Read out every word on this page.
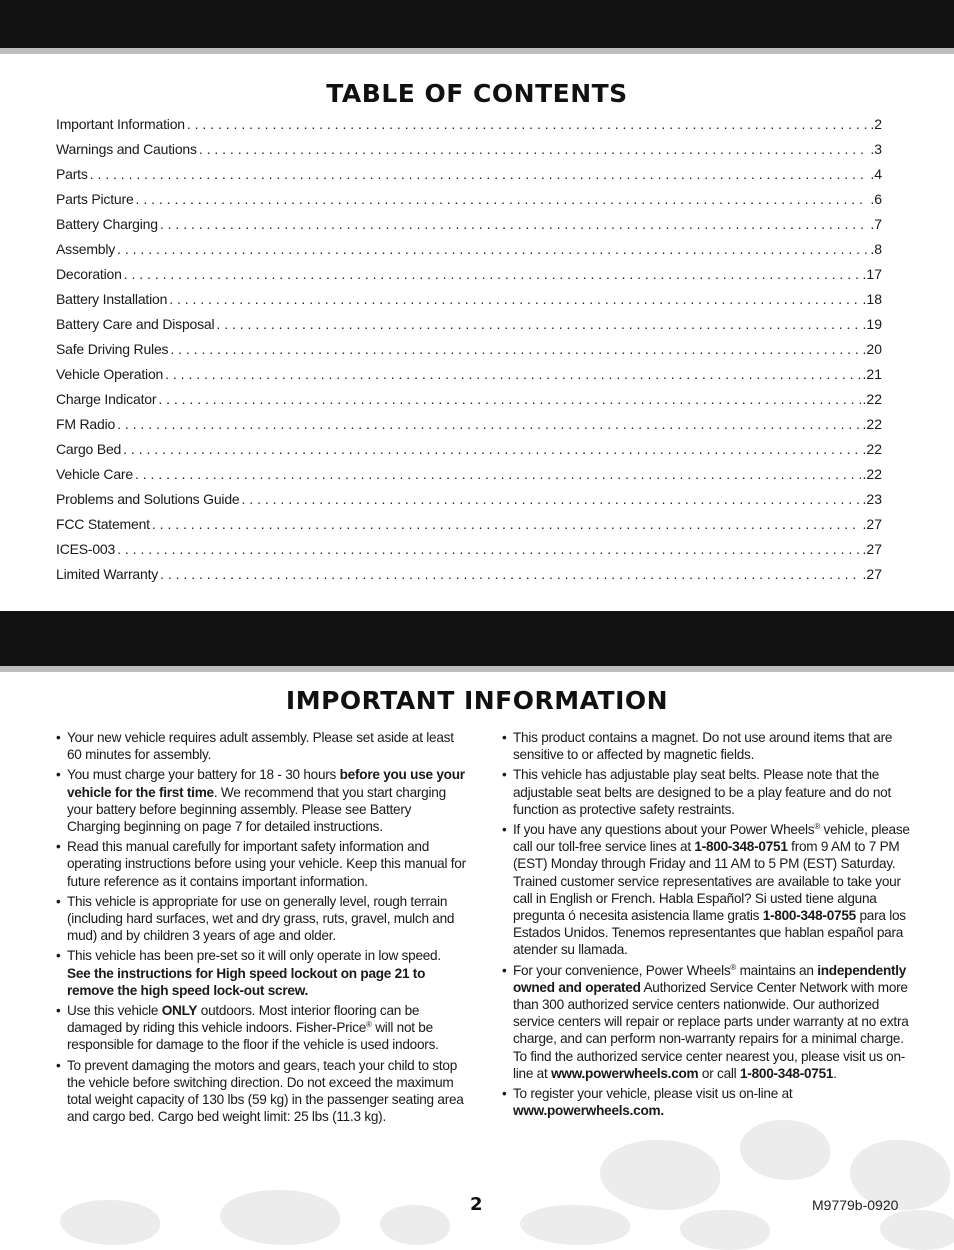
TABLE OF CONTENTS
Important Information . . .	.2
Warnings and Cautions . . .	.3
Parts . . .	.4
Parts Picture . . .	.6
Battery Charging . . .	.7
Assembly . . .	.8
Decoration . . .	.17
Battery Installation . . .	.18
Battery Care and Disposal . . .	.19
Safe Driving Rules . . .	.20
Vehicle Operation . . .	.21
Charge Indicator . . .	.22
FM Radio . . .	.22
Cargo Bed . . .	.22
Vehicle Care . . .	.22
Problems and Solutions Guide . . .	.23
FCC Statement . . .	.27
ICES-003 . . .	.27
Limited Warranty . . .	.27
IMPORTANT INFORMATION
• Your new vehicle requires adult assembly. Please set aside at least 60 minutes for assembly.
• You must charge your battery for 18 - 30 hours before you use your vehicle for the first time. We recommend that you start charging your battery before beginning assembly. Please see Battery Charging beginning on page 7 for detailed instructions.
• Read this manual carefully for important safety information and operating instructions before using your vehicle. Keep this manual for future reference as it contains important information.
• This vehicle is appropriate for use on generally level, rough terrain (including hard surfaces, wet and dry grass, ruts, gravel, mulch and mud) and by children 3 years of age and older.
• This vehicle has been pre-set so it will only operate in low speed. See the instructions for High speed lockout on page 21 to remove the high speed lock-out screw.
• Use this vehicle ONLY outdoors. Most interior flooring can be damaged by riding this vehicle indoors. Fisher-Price® will not be responsible for damage to the floor if the vehicle is used indoors.
• To prevent damaging the motors and gears, teach your child to stop the vehicle before switching direction. Do not exceed the maximum total weight capacity of 130 lbs (59 kg) in the passenger seating area and cargo bed. Cargo bed weight limit: 25 lbs (11.3 kg).
• This product contains a magnet. Do not use around items that are sensitive to or affected by magnetic fields.
• This vehicle has adjustable play seat belts. Please note that the adjustable seat belts are designed to be a play feature and do not function as protective safety restraints.
• If you have any questions about your Power Wheels® vehicle, please call our toll-free service lines at 1-800-348-0751 from 9 AM to 7 PM (EST) Monday through Friday and 11 AM to 5 PM (EST) Saturday. Trained customer service representatives are available to take your call in English or French. Habla Español? Si usted tiene alguna pregunta ó necesita asistencia llame gratis 1-800-348-0755 para los Estados Unidos. Tenemos representantes que hablan español para atender su llamada.
• For your convenience, Power Wheels® maintains an independently owned and operated Authorized Service Center Network with more than 300 authorized service centers nationwide. Our authorized service centers will repair or replace parts under warranty at no extra charge, and can perform non-warranty repairs for a minimal charge. To find the authorized service center nearest you, please visit us on-line at www.powerwheels.com or call 1-800-348-0751.
• To register your vehicle, please visit us on-line at www.powerwheels.com.
2	M9779b-0920
